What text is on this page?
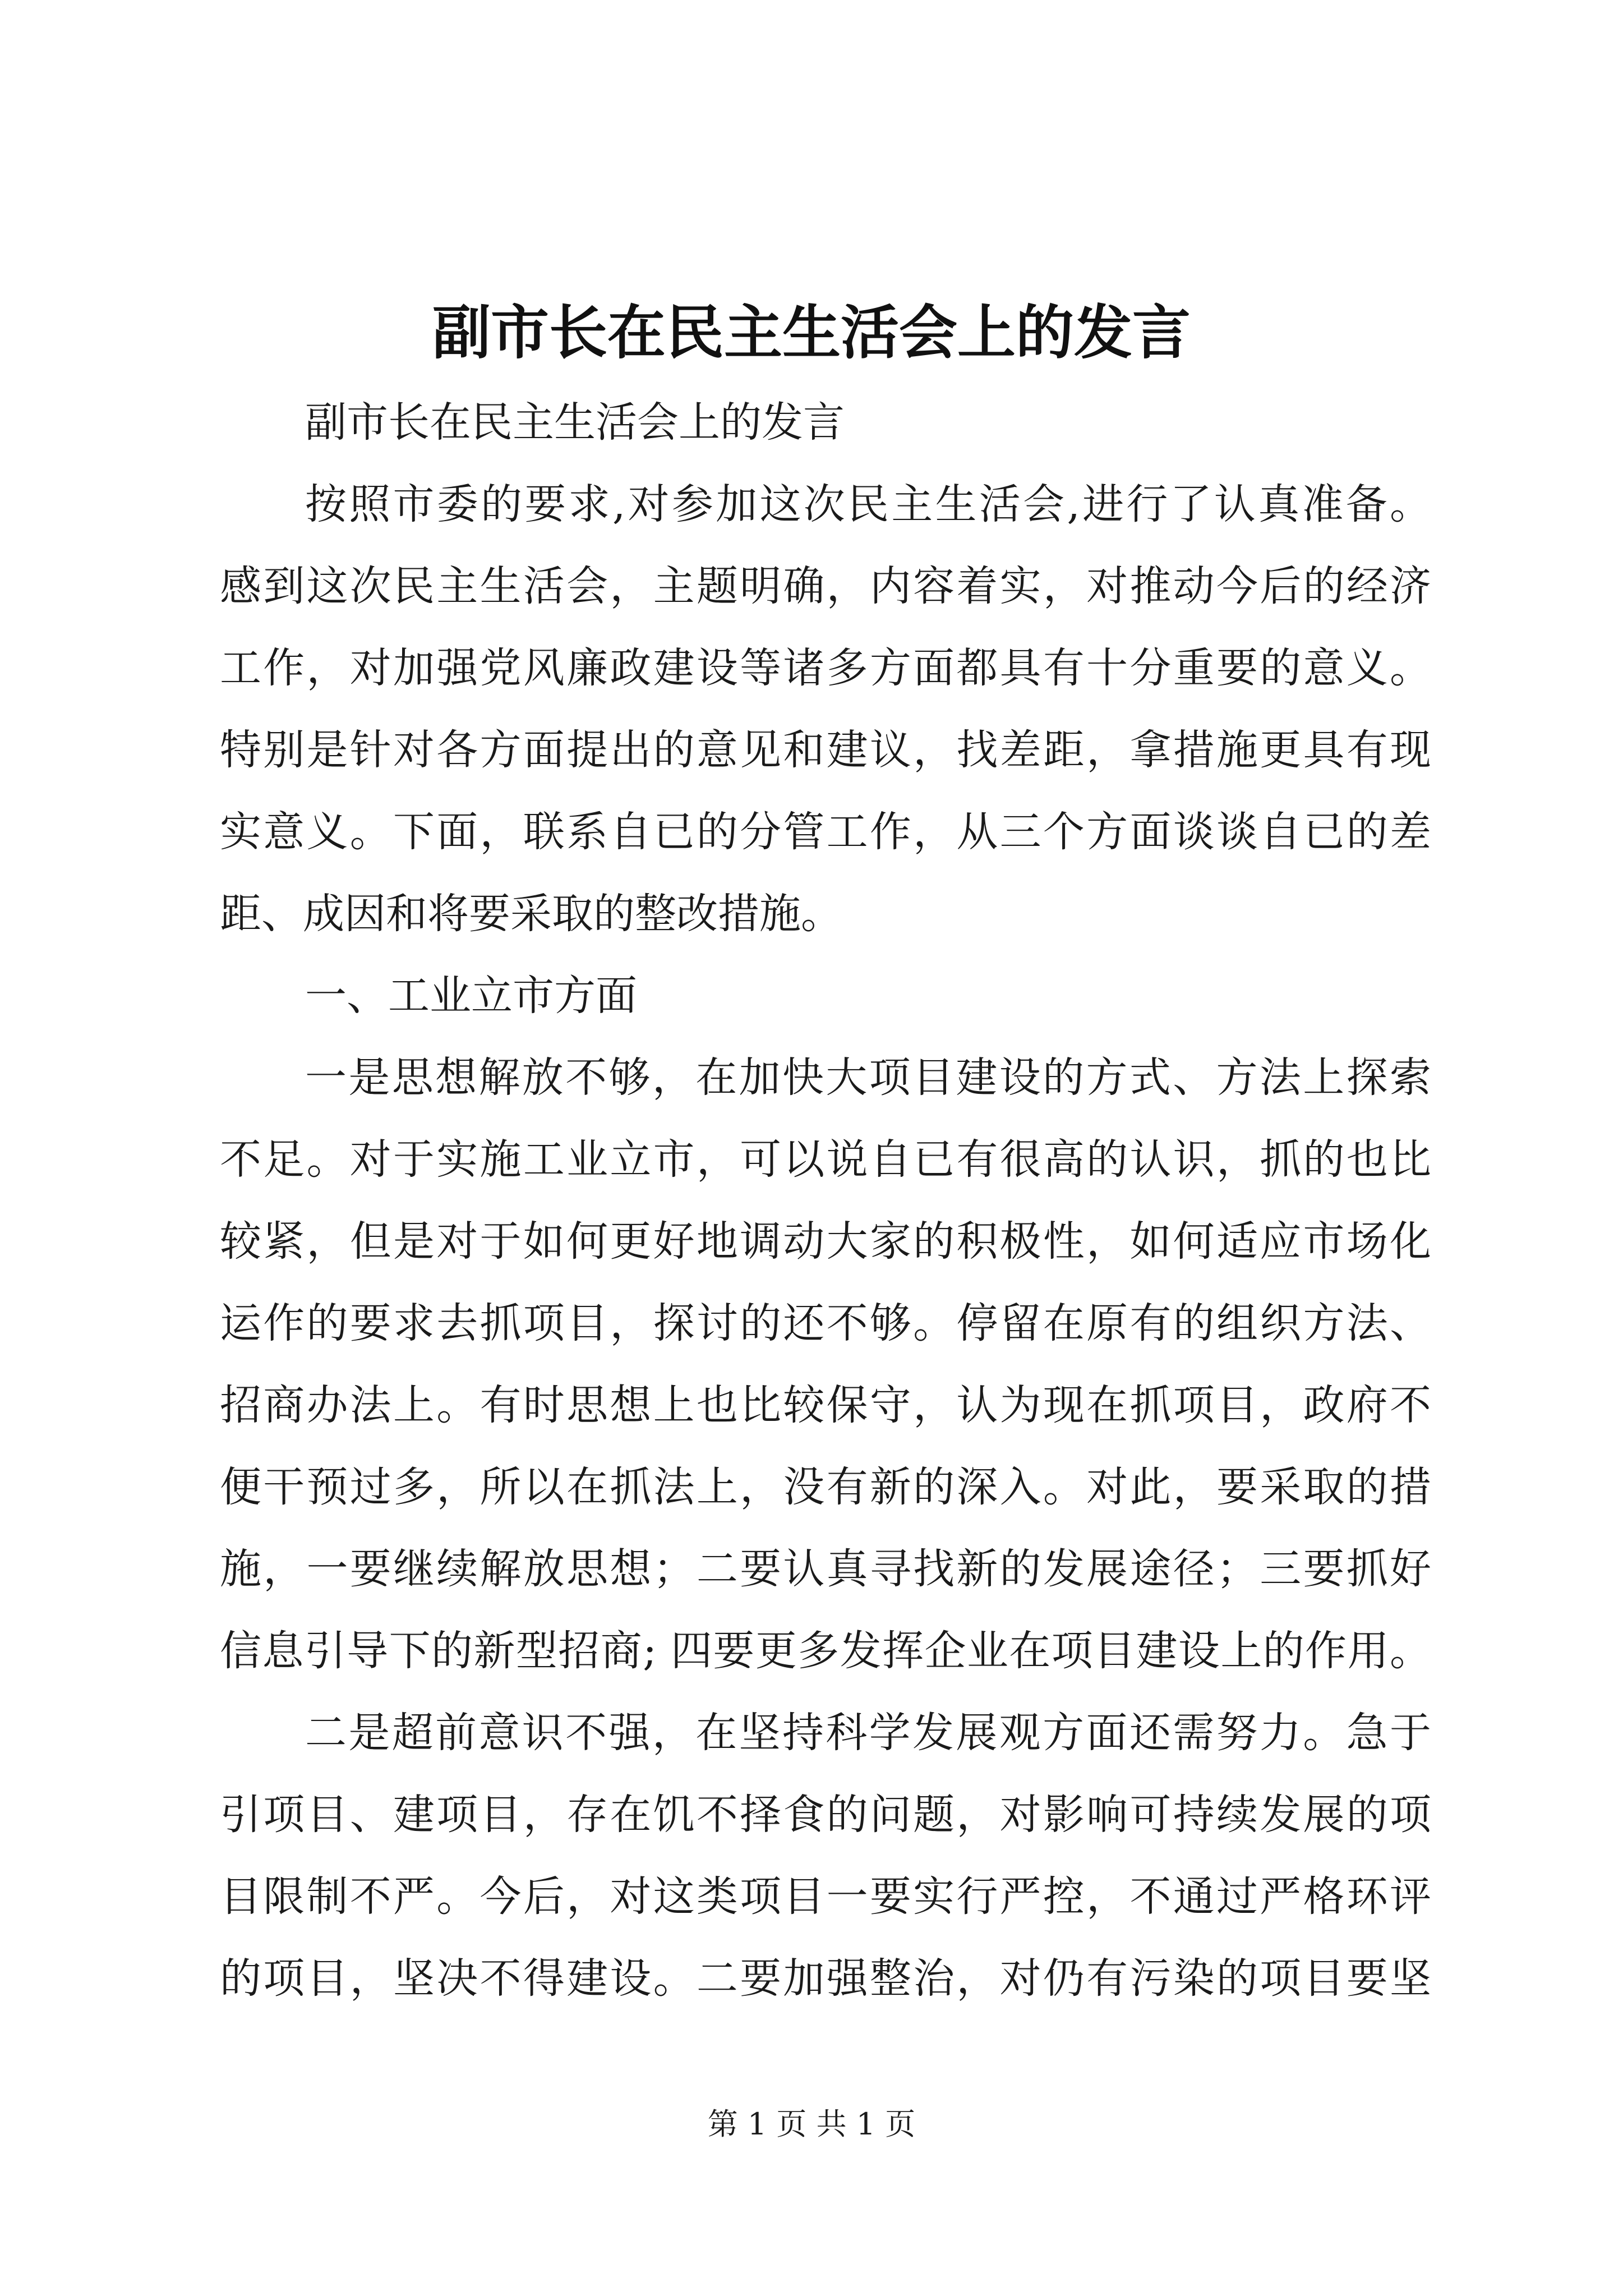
副市长在民主生活会上的发言
副市长在民主生活会上的发言
按照市委的要求,对参加这次民主生活会,进行了认真准备。
感到这次民主生活会，主题明确，内容着实，对推动今后的经济
工作，对加强党风廉政建设等诸多方面都具有十分重要的意义。
特别是针对各方面提出的意见和建议，找差距，拿措施更具有现
实意义。下面，联系自已的分管工作，从三个方面谈谈自已的差
距、成因和将要采取的整改措施。
一、工业立市方面
一是思想解放不够，在加快大项目建设的方式、方法上探索
不足。对于实施工业立市，可以说自已有很高的认识，抓的也比
较紧，但是对于如何更好地调动大家的积极性，如何适应市场化
运作的要求去抓项目，探讨的还不够。停留在原有的组织方法、
招商办法上。有时思想上也比较保守，认为现在抓项目，政府不
便干预过多，所以在抓法上，没有新的深入。对此，要采取的措
施，一要继续解放思想；二要认真寻找新的发展途径；三要抓好
信息引导下的新型招商; 四要更多发挥企业在项目建设上的作用。
二是超前意识不强，在坚持科学发展观方面还需努力。急于
引项目、建项目，存在饥不择食的问题，对影响可持续发展的项
目限制不严。今后，对这类项目一要实行严控，不通过严格环评
的项目，坚决不得建设。二要加强整治，对仍有污染的项目要坚
第 1 页 共 1 页
